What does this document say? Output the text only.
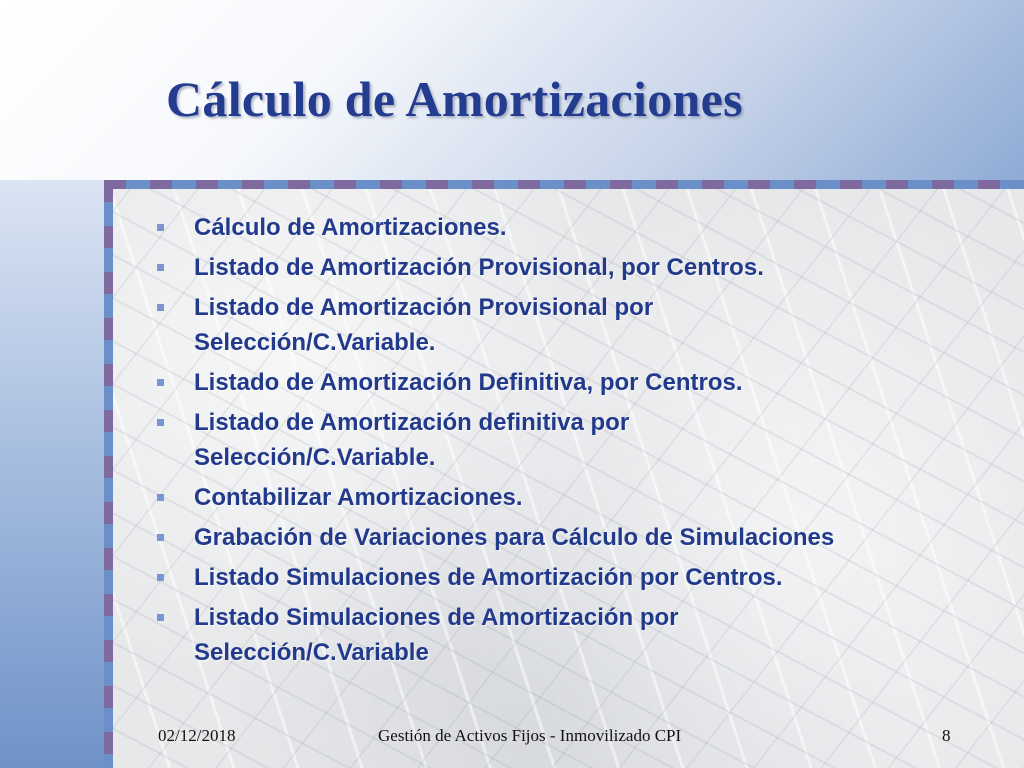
Cálculo de Amortizaciones
Cálculo de Amortizaciones.
Listado de Amortización Provisional, por Centros.
Listado de Amortización Provisional por
Selección/C.Variable.
Listado de Amortización Definitiva, por Centros.
Listado de Amortización definitiva por
Selección/C.Variable.
Contabilizar Amortizaciones.
Grabación de Variaciones para Cálculo de Simulaciones
Listado Simulaciones de Amortización por Centros.
Listado Simulaciones de Amortización por
Selección/C.Variable
02/12/2018	Gestión de Activos Fijos - Inmovilizado CPI	8
